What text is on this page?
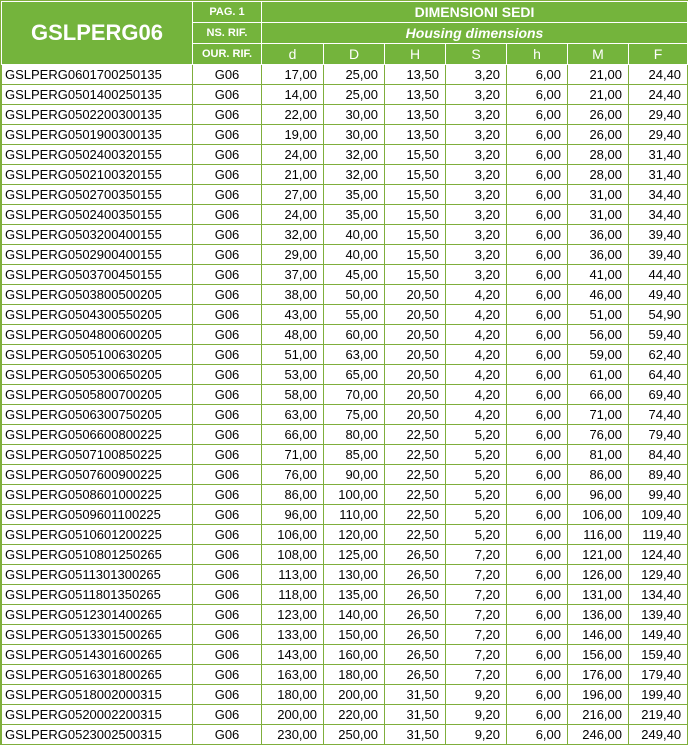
GSLPERG06	PAG. 1	DIMENSIONI SEDI						
	NS. RIF.	Housing dimensions						
	OUR. RIF.	d	D	H	S	h	M	F
GSLPERG0601700250135	G06	17,00	25,00	13,50	3,20	6,00	21,00	24,40
GSLPERG0501400250135	G06	14,00	25,00	13,50	3,20	6,00	21,00	24,40
GSLPERG0502200300135	G06	22,00	30,00	13,50	3,20	6,00	26,00	29,40
GSLPERG0501900300135	G06	19,00	30,00	13,50	3,20	6,00	26,00	29,40
GSLPERG0502400320155	G06	24,00	32,00	15,50	3,20	6,00	28,00	31,40
GSLPERG0502100320155	G06	21,00	32,00	15,50	3,20	6,00	28,00	31,40
GSLPERG0502700350155	G06	27,00	35,00	15,50	3,20	6,00	31,00	34,40
GSLPERG0502400350155	G06	24,00	35,00	15,50	3,20	6,00	31,00	34,40
GSLPERG0503200400155	G06	32,00	40,00	15,50	3,20	6,00	36,00	39,40
GSLPERG0502900400155	G06	29,00	40,00	15,50	3,20	6,00	36,00	39,40
GSLPERG0503700450155	G06	37,00	45,00	15,50	3,20	6,00	41,00	44,40
GSLPERG0503800500205	G06	38,00	50,00	20,50	4,20	6,00	46,00	49,40
GSLPERG0504300550205	G06	43,00	55,00	20,50	4,20	6,00	51,00	54,90
GSLPERG0504800600205	G06	48,00	60,00	20,50	4,20	6,00	56,00	59,40
GSLPERG0505100630205	G06	51,00	63,00	20,50	4,20	6,00	59,00	62,40
GSLPERG0505300650205	G06	53,00	65,00	20,50	4,20	6,00	61,00	64,40
GSLPERG0505800700205	G06	58,00	70,00	20,50	4,20	6,00	66,00	69,40
GSLPERG0506300750205	G06	63,00	75,00	20,50	4,20	6,00	71,00	74,40
GSLPERG0506600800225	G06	66,00	80,00	22,50	5,20	6,00	76,00	79,40
GSLPERG0507100850225	G06	71,00	85,00	22,50	5,20	6,00	81,00	84,40
GSLPERG0507600900225	G06	76,00	90,00	22,50	5,20	6,00	86,00	89,40
GSLPERG0508601000225	G06	86,00	100,00	22,50	5,20	6,00	96,00	99,40
GSLPERG0509601100225	G06	96,00	110,00	22,50	5,20	6,00	106,00	109,40
GSLPERG0510601200225	G06	106,00	120,00	22,50	5,20	6,00	116,00	119,40
GSLPERG0510801250265	G06	108,00	125,00	26,50	7,20	6,00	121,00	124,40
GSLPERG0511301300265	G06	113,00	130,00	26,50	7,20	6,00	126,00	129,40
GSLPERG0511801350265	G06	118,00	135,00	26,50	7,20	6,00	131,00	134,40
GSLPERG0512301400265	G06	123,00	140,00	26,50	7,20	6,00	136,00	139,40
GSLPERG0513301500265	G06	133,00	150,00	26,50	7,20	6,00	146,00	149,40
GSLPERG0514301600265	G06	143,00	160,00	26,50	7,20	6,00	156,00	159,40
GSLPERG0516301800265	G06	163,00	180,00	26,50	7,20	6,00	176,00	179,40
GSLPERG0518002000315	G06	180,00	200,00	31,50	9,20	6,00	196,00	199,40
GSLPERG0520002200315	G06	200,00	220,00	31,50	9,20	6,00	216,00	219,40
GSLPERG0523002500315	G06	230,00	250,00	31,50	9,20	6,00	246,00	249,40
